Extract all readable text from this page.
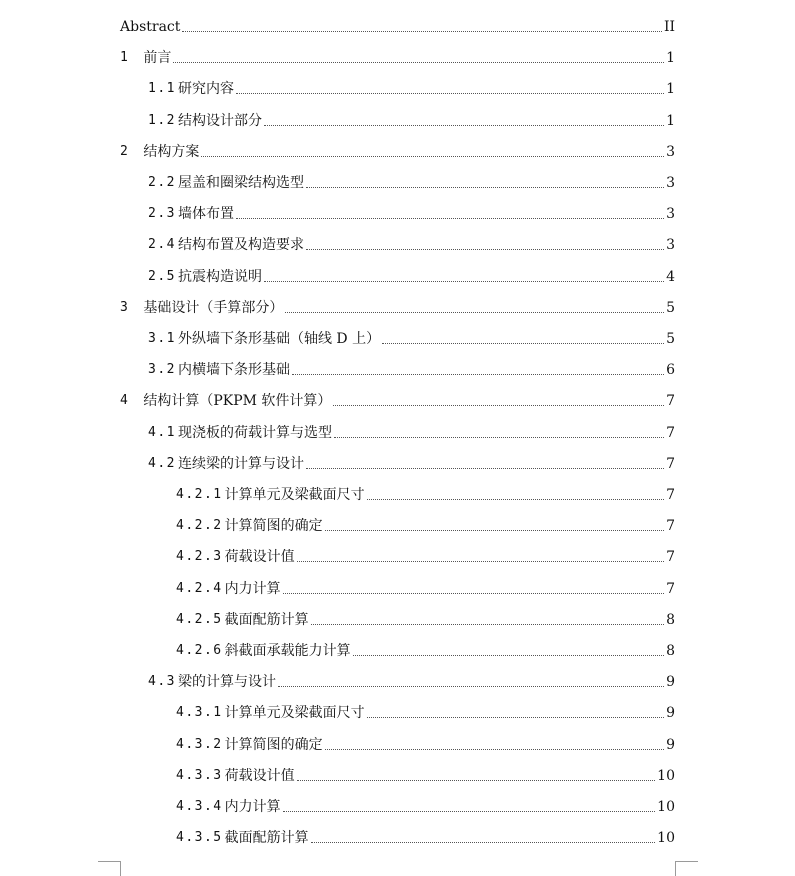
Abstract	II
1 前言	1
1.1 研究内容	1
1.2 结构设计部分	1
2 结构方案	3
2.2 屋盖和圈梁结构选型	3
2.3 墙体布置	3
2.4 结构布置及构造要求	3
2.5 抗震构造说明	4
3 基础设计（手算部分）	5
3.1 外纵墙下条形基础（轴线 D 上）	5
3.2 内横墙下条形基础	6
4 结构计算（PKPM 软件计算）	7
4.1 现浇板的荷载计算与选型	7
4.2 连续梁的计算与设计	7
4.2.1 计算单元及梁截面尺寸	7
4.2.2 计算简图的确定	7
4.2.3 荷载设计值	7
4.2.4 内力计算	7
4.2.5 截面配筋计算	8
4.2.6 斜截面承载能力计算	8
4.3 梁的计算与设计	9
4.3.1 计算单元及梁截面尺寸	9
4.3.2 计算简图的确定	9
4.3.3 荷载设计值	10
4.3.4 内力计算	10
4.3.5 截面配筋计算	10
